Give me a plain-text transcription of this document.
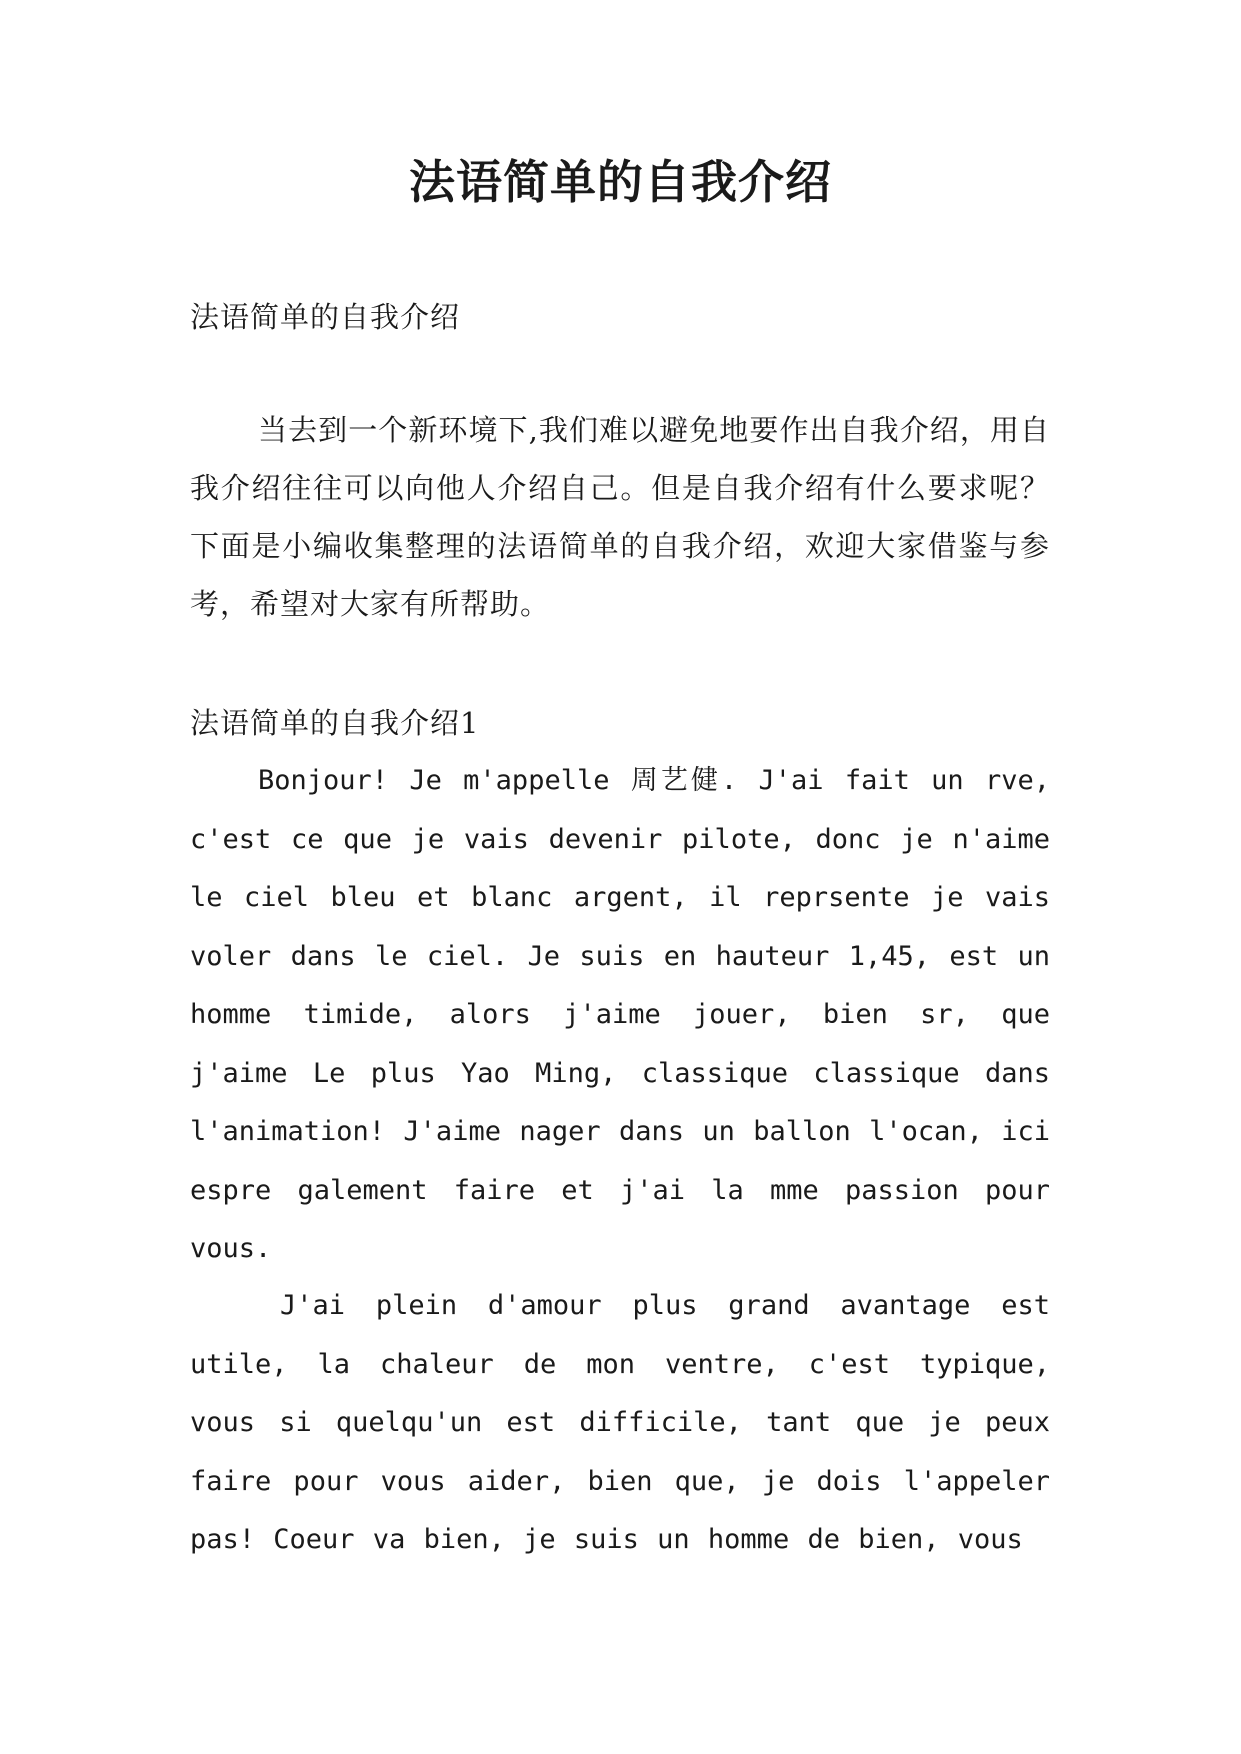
法语简单的自我介绍
法语简单的自我介绍

当去到一个新环境下,我们难以避免地要作出自我介绍，用自我介绍往往可以向他人介绍自己。但是自我介绍有什么要求呢？下面是小编收集整理的法语简单的自我介绍，欢迎大家借鉴与参考，希望对大家有所帮助。

法语简单的自我介绍1

Bonjour! Je m'appelle 周艺健. J'ai fait un rve, c'est ce que je vais devenir pilote, donc je n'aime le ciel bleu et blanc argent, il reprsente je vais voler dans le ciel. Je suis en hauteur 1,45, est un homme timide, alors j'aime jouer, bien sr, que j'aime Le plus Yao Ming, classique classique dans l'animation! J'aime nager dans un ballon l'ocan, ici espre galement faire et j'ai la mme passion pour vous.

J'ai plein d'amour plus grand avantage est utile, la chaleur de mon ventre, c'est typique, vous si quelqu'un est difficile, tant que je peux faire pour vous aider, bien que, je dois l'appeler pas! Coeur va bien, je suis un homme de bien, vous
